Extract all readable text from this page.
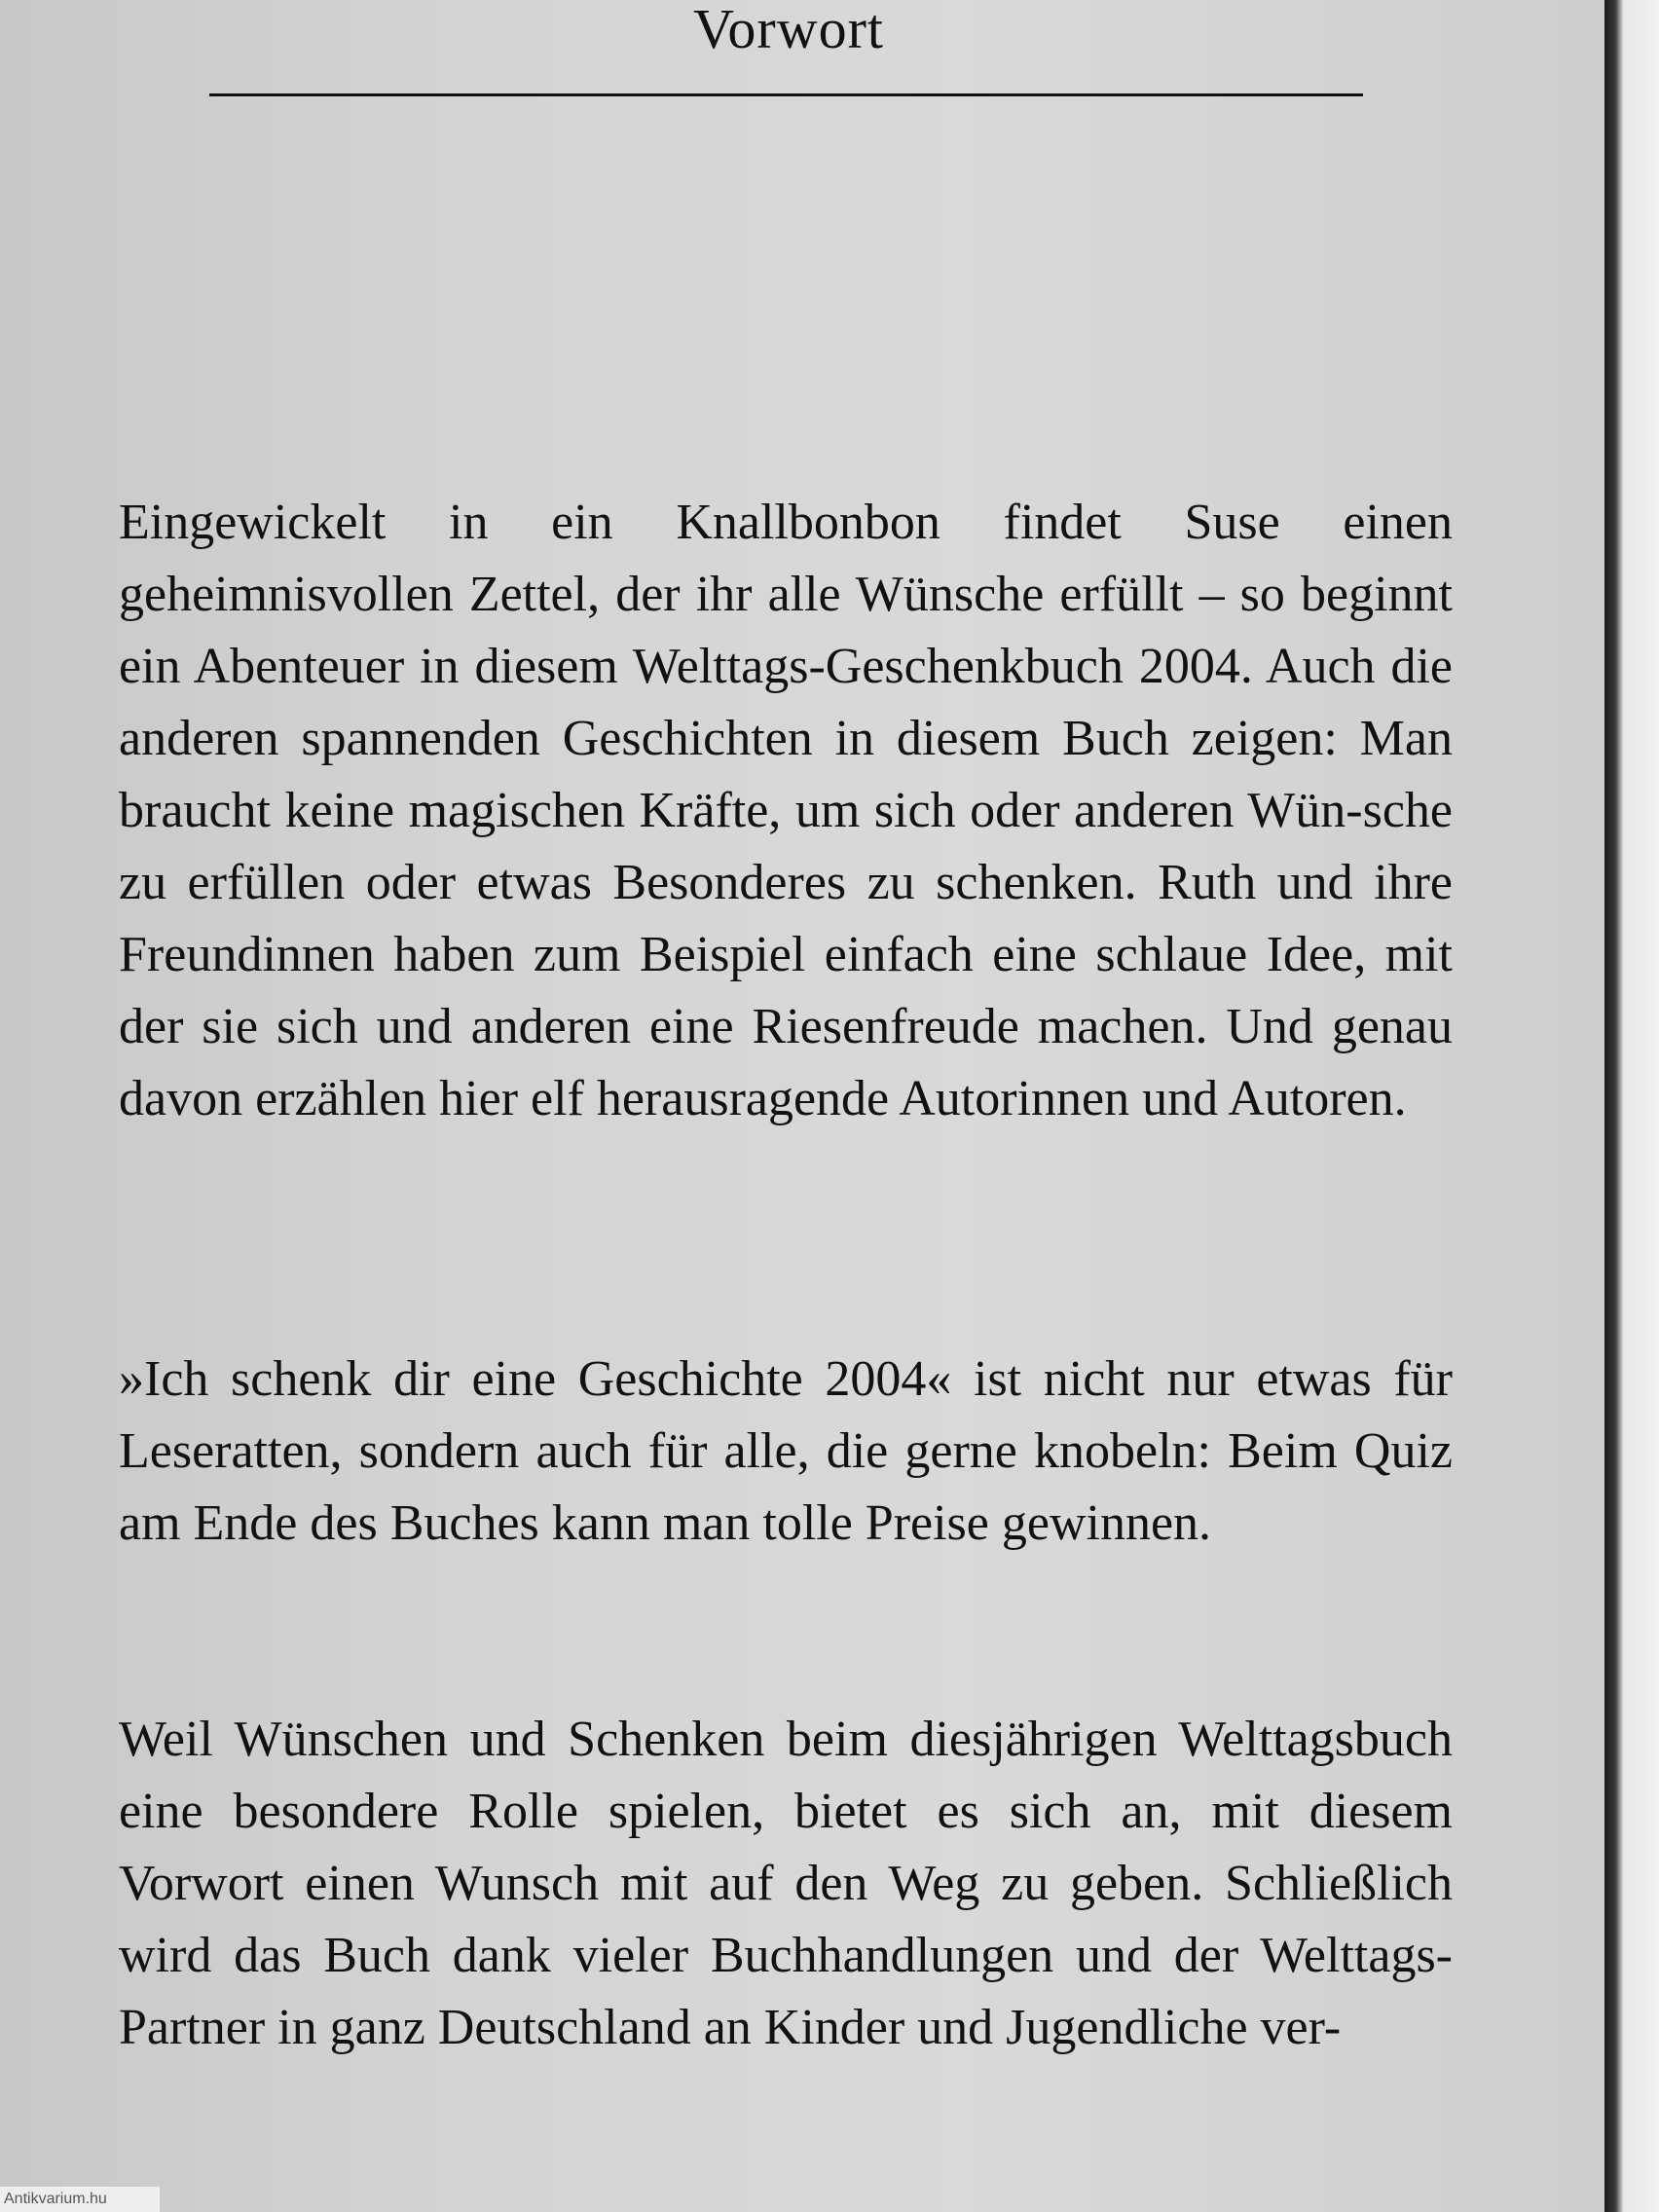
Vorwort

Eingewickelt in ein Knallbonbon findet Suse einen geheimnisvollen Zettel, der ihr alle Wünsche erfüllt – so beginnt ein Abenteuer in diesem Welttags-Geschenkbuch 2004. Auch die anderen spannenden Geschichten in diesem Buch zeigen: Man braucht keine magischen Kräfte, um sich oder anderen Wün-sche zu erfüllen oder etwas Besonderes zu schenken. Ruth und ihre Freundinnen haben zum Beispiel einfach eine schlaue Idee, mit der sie sich und anderen eine Riesenfreude machen. Und genau davon erzählen hier elf herausragende Autorinnen und Autoren.

»Ich schenk dir eine Geschichte 2004« ist nicht nur etwas für Leseratten, sondern auch für alle, die gerne knobeln: Beim Quiz am Ende des Buches kann man tolle Preise gewinnen.

Weil Wünschen und Schenken beim diesjährigen Welttagsbuch eine besondere Rolle spielen, bietet es sich an, mit diesem Vorwort einen Wunsch mit auf den Weg zu geben. Schließlich wird das Buch dank vieler Buchhandlungen und der Welttags-Partner in ganz Deutschland an Kinder und Jugendliche ver-

Antikvarium.hu
